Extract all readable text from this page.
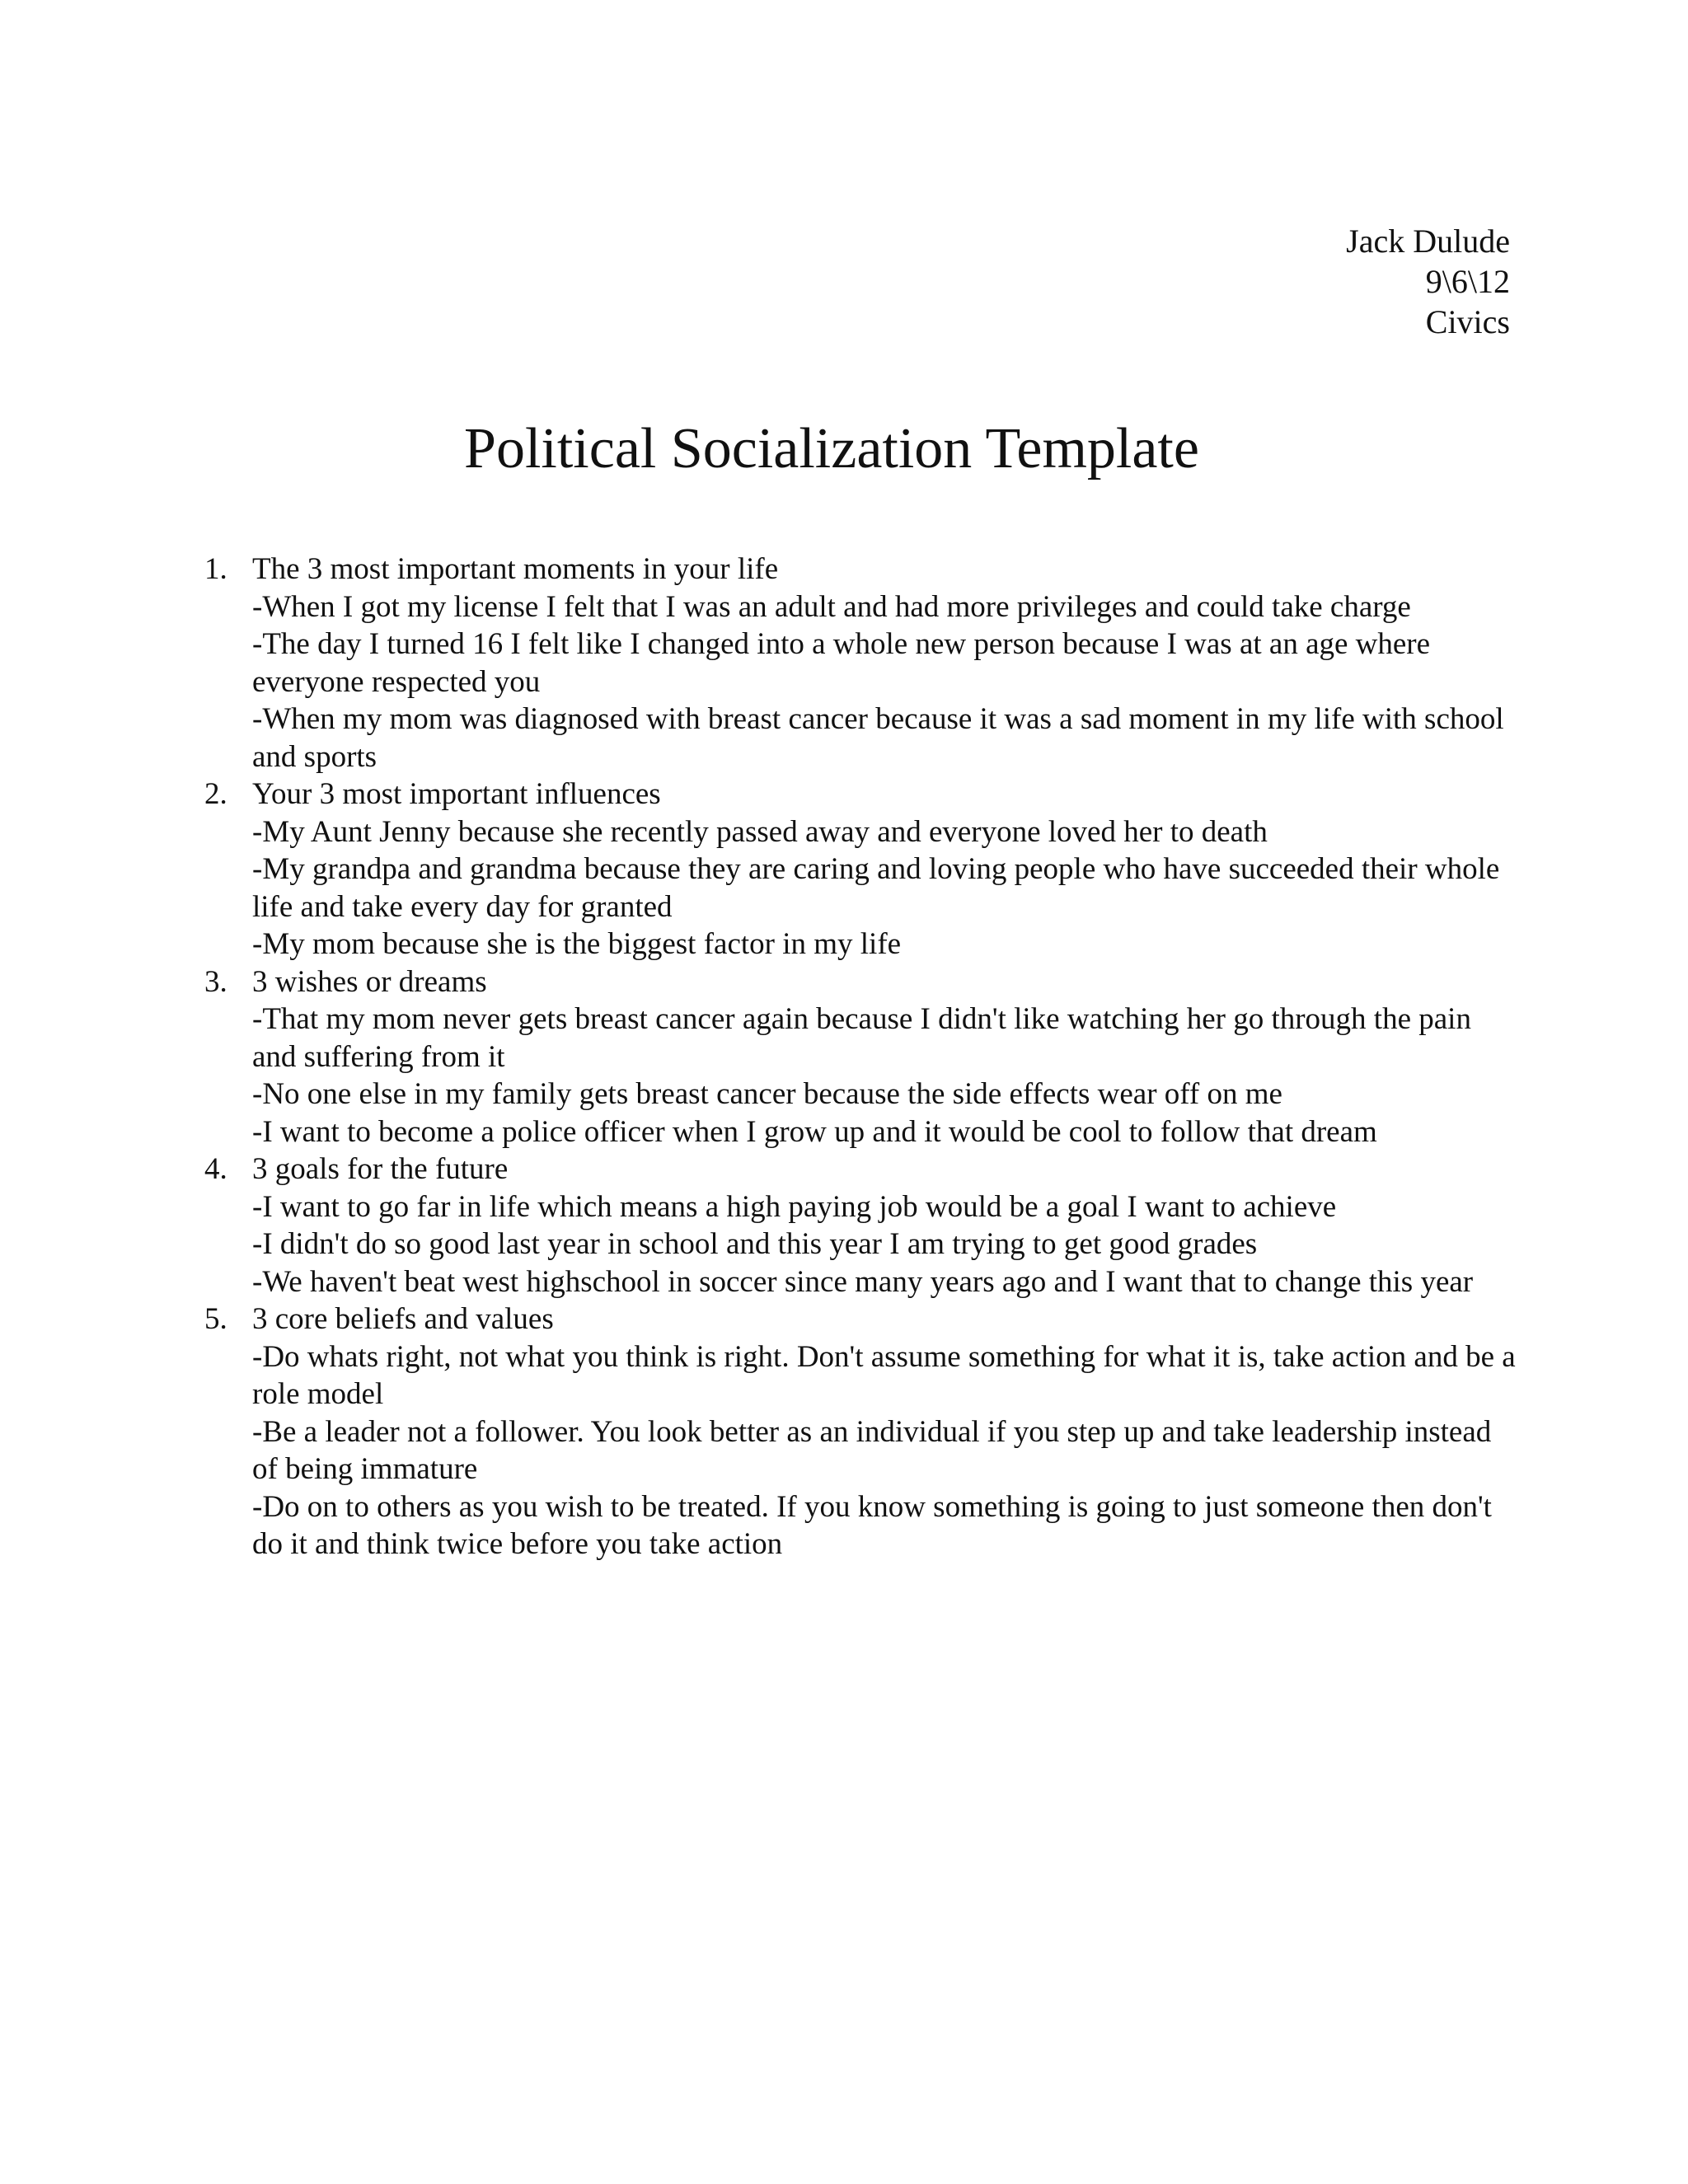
Jack Dulude
9\6\12
Civics
Political Socialization Template
1. The 3 most important moments in your life
-When I got my license I felt that I was an adult and had more privileges and could take charge
-The day I turned 16 I felt like I changed into a whole new person because I was at an age where everyone respected you
-When my mom was diagnosed with breast cancer because it was a sad moment in my life with school and sports
2. Your 3 most important influences
-My Aunt Jenny because she recently passed away and everyone loved her to death
-My grandpa and grandma because they are caring and loving people who have succeeded their whole life and take every day for granted
-My mom because she is the biggest factor in my life
3. 3 wishes or dreams
-That my mom never gets breast cancer again because I didn't like watching her go through the pain and suffering from it
-No one else in my family gets breast cancer because the side effects wear off on me
-I want to become a police officer when I grow up and it would be cool to follow that dream
4. 3 goals for the future
-I want to go far in life which means a high paying job would be a goal I want to achieve
-I didn't do so good last year in school and this year I am trying to get good grades
-We haven't beat west highschool in soccer since many years ago and I want that to change this year
5. 3 core beliefs and values
-Do whats right, not what you think is right. Don't assume something for what it is, take action and be a role model
-Be a leader not a follower. You look better as an individual if you step up and take leadership instead of being immature
-Do on to others as you wish to be treated. If you know something is going to just someone then don't do it and think twice before you take action
